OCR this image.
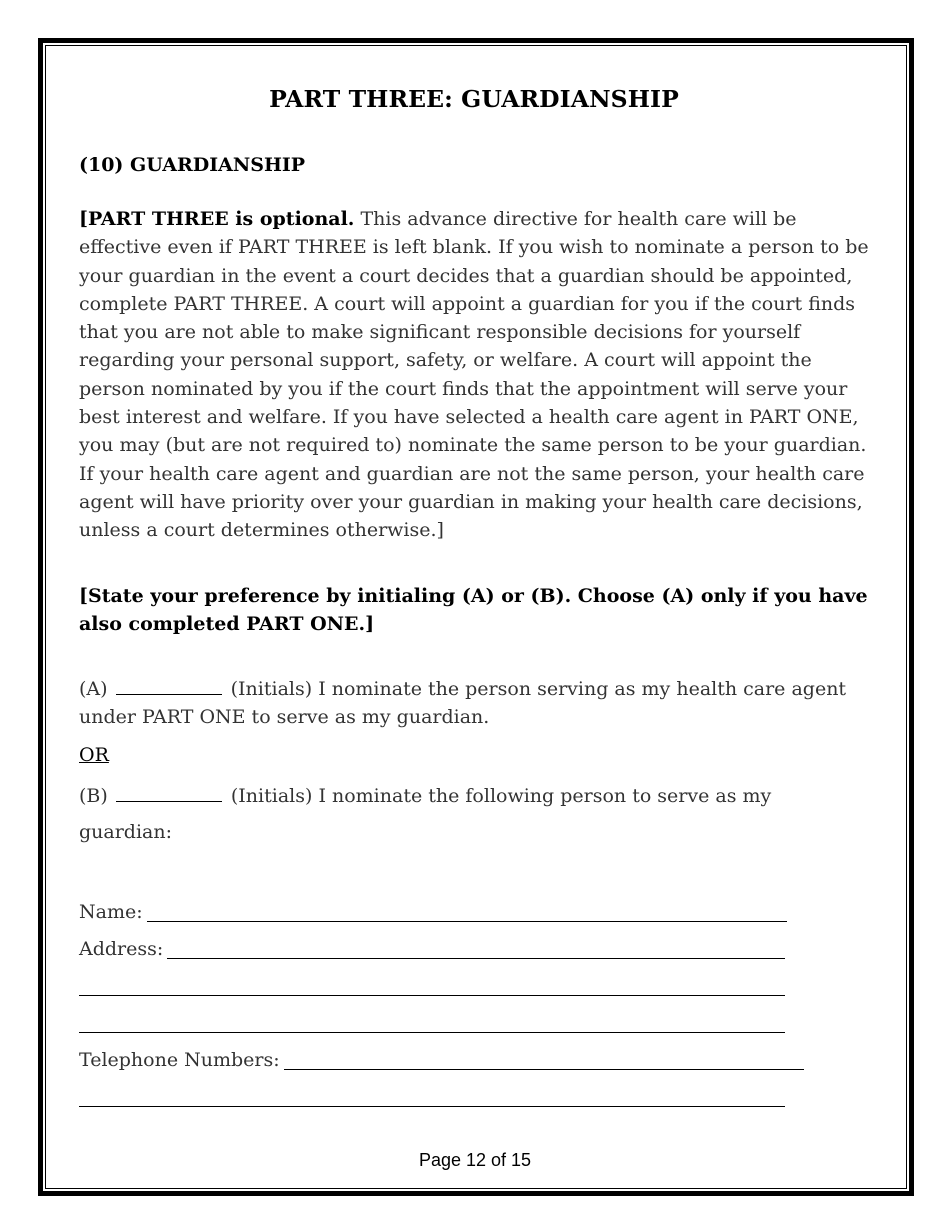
PART THREE: GUARDIANSHIP
(10) GUARDIANSHIP

[PART THREE is optional. This advance directive for health care will be effective even if PART THREE is left blank. If you wish to nominate a person to be your guardian in the event a court decides that a guardian should be appointed, complete PART THREE. A court will appoint a guardian for you if the court finds that you are not able to make significant responsible decisions for yourself regarding your personal support, safety, or welfare. A court will appoint the person nominated by you if the court finds that the appointment will serve your best interest and welfare. If you have selected a health care agent in PART ONE, you may (but are not required to) nominate the same person to be your guardian. If your health care agent and guardian are not the same person, your health care agent will have priority over your guardian in making your health care decisions, unless a court determines otherwise.]

[State your preference by initialing (A) or (B). Choose (A) only if you have also completed PART ONE.]

(A)	(Initials) I nominate the person serving as my health care agent under PART ONE to serve as my guardian.

OR

(B)	(Initials) I nominate the following person to serve as my guardian:

Name:
Address:
Telephone Numbers:
Page 12 of 15
